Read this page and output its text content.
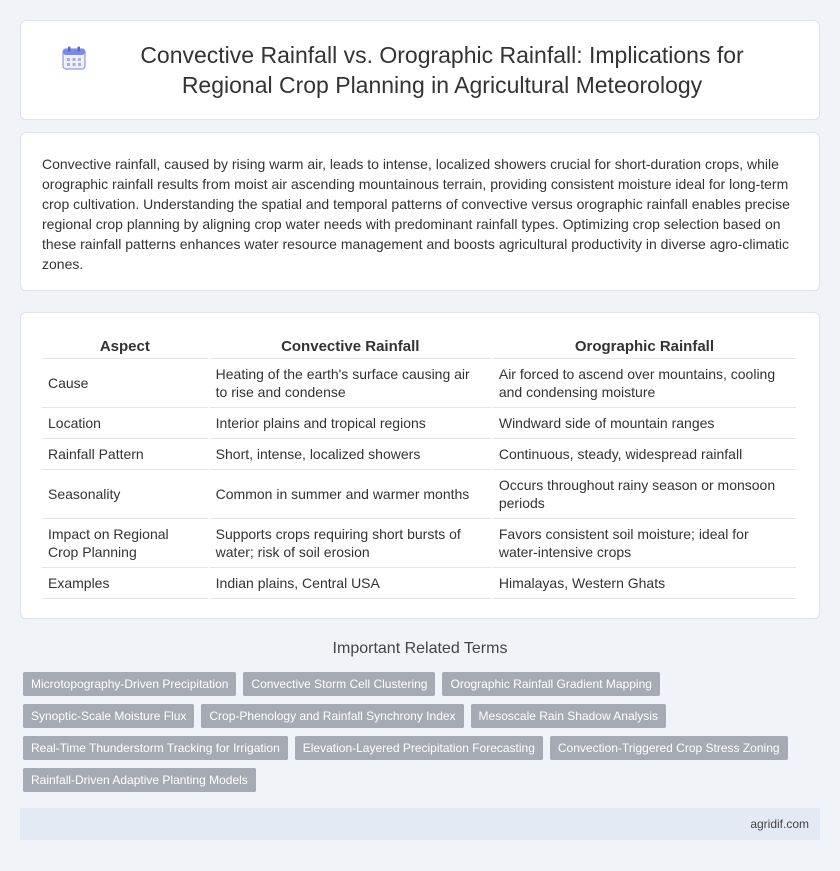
Convective Rainfall vs. Orographic Rainfall: Implications for Regional Crop Planning in Agricultural Meteorology

Convective rainfall, caused by rising warm air, leads to intense, localized showers crucial for short-duration crops, while orographic rainfall results from moist air ascending mountainous terrain, providing consistent moisture ideal for long-term crop cultivation. Understanding the spatial and temporal patterns of convective versus orographic rainfall enables precise regional crop planning by aligning crop water needs with predominant rainfall types. Optimizing crop selection based on these rainfall patterns enhances water resource management and boosts agricultural productivity in diverse agro-climatic zones.

Aspect	Convective Rainfall	Orographic Rainfall
Cause	Heating of the earth's surface causing air to rise and condense	Air forced to ascend over mountains, cooling and condensing moisture
Location	Interior plains and tropical regions	Windward side of mountain ranges
Rainfall Pattern	Short, intense, localized showers	Continuous, steady, widespread rainfall
Seasonality	Common in summer and warmer months	Occurs throughout rainy season or monsoon periods
Impact on Regional Crop Planning	Supports crops requiring short bursts of water; risk of soil erosion	Favors consistent soil moisture; ideal for water-intensive crops
Examples	Indian plains, Central USA	Himalayas, Western Ghats
Important Related Terms
Microtopography-Driven Precipitation	Convective Storm Cell Clustering	Orographic Rainfall Gradient Mapping
Synoptic-Scale Moisture Flux	Crop-Phenology and Rainfall Synchrony Index	Mesoscale Rain Shadow Analysis
Real-Time Thunderstorm Tracking for Irrigation	Elevation-Layered Precipitation Forecasting	Convection-Triggered Crop Stress Zoning
Rainfall-Driven Adaptive Planting Models
agridif.com
